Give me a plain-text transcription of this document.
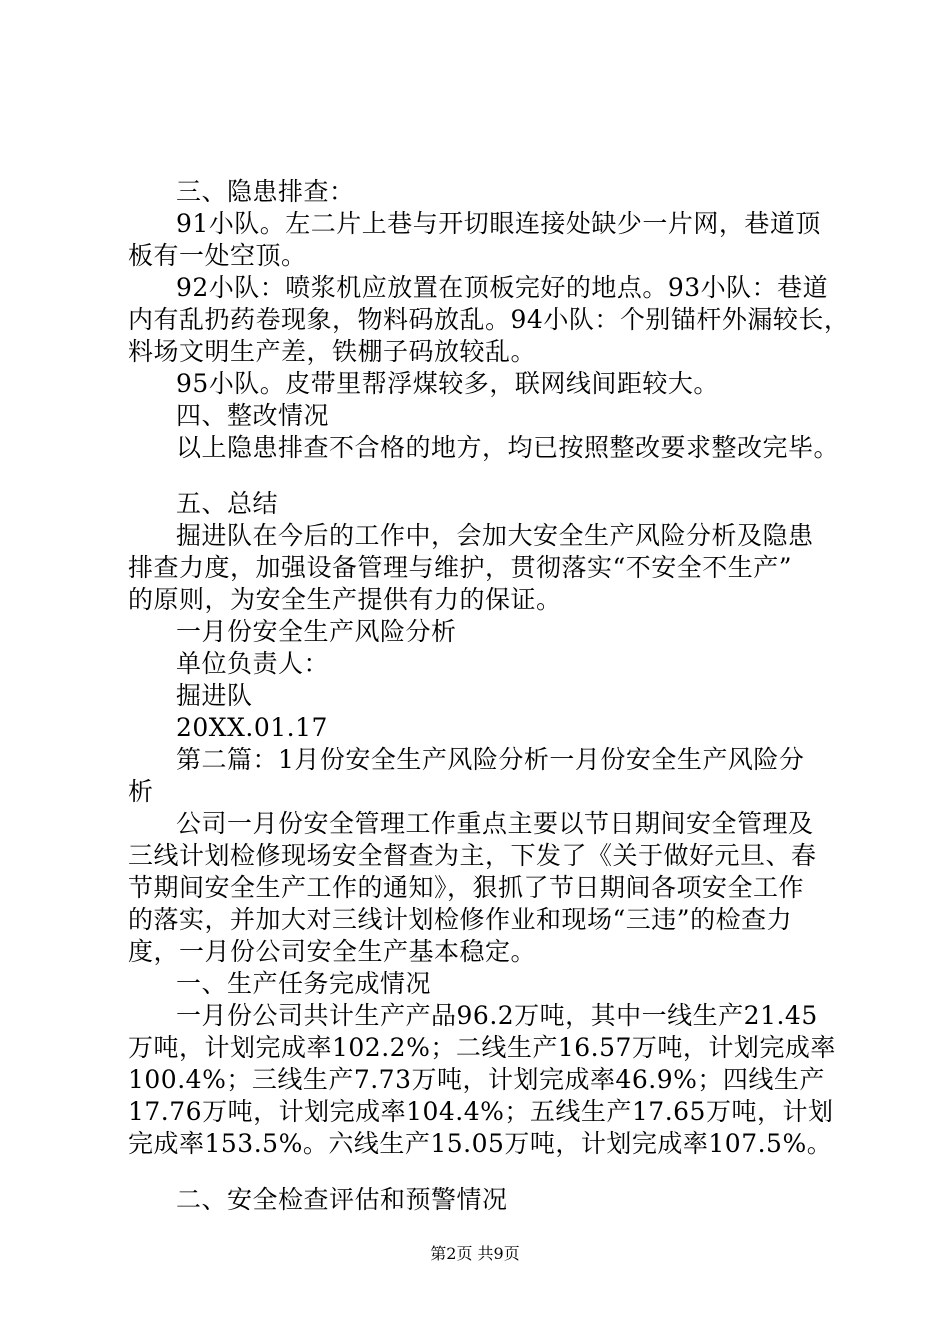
三、隐患排查：
91小队。左二片上巷与开切眼连接处缺少一片网，巷道顶
板有一处空顶。
92小队：喷浆机应放置在顶板完好的地点。93小队：巷道
内有乱扔药卷现象，物料码放乱。94小队：个别锚杆外漏较长，
料场文明生产差，铁棚子码放较乱。
95小队。皮带里帮浮煤较多，联网线间距较大。
四、整改情况
以上隐患排查不合格的地方，均已按照整改要求整改完毕。
五、总结
掘进队在今后的工作中，会加大安全生产风险分析及隐患
排查力度，加强设备管理与维护，贯彻落实“不安全不生产”
的原则，为安全生产提供有力的保证。
一月份安全生产风险分析
单位负责人：
掘进队
20XX.01.17
第二篇：1月份安全生产风险分析一月份安全生产风险分
析
公司一月份安全管理工作重点主要以节日期间安全管理及
三线计划检修现场安全督查为主，下发了《关于做好元旦、春
节期间安全生产工作的通知》，狠抓了节日期间各项安全工作
的落实，并加大对三线计划检修作业和现场“三违”的检查力
度，一月份公司安全生产基本稳定。
一、生产任务完成情况
一月份公司共计生产产品96.2万吨，其中一线生产21.45
万吨，计划完成率102.2%；二线生产16.57万吨，计划完成率
100.4%；三线生产7.73万吨，计划完成率46.9%；四线生产
17.76万吨，计划完成率104.4%；五线生产17.65万吨，计划
完成率153.5%。六线生产15.05万吨，计划完成率107.5%。
二、安全检查评估和预警情况
第2页 共9页
